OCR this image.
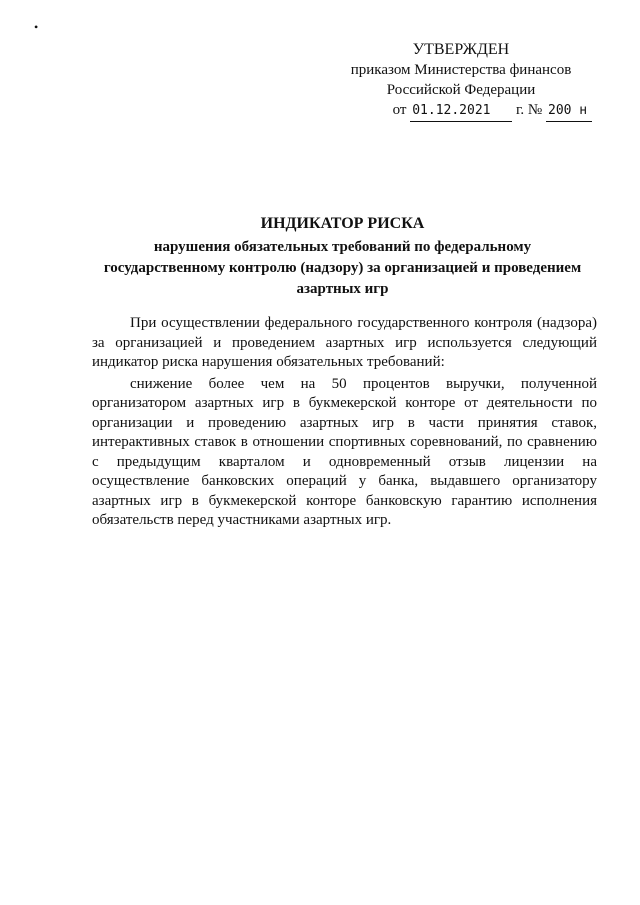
•
УТВЕРЖДЕН
приказом Министерства финансов
Российской Федерации
от 01.12.2021 г. № 200 н
ИНДИКАТОР РИСКА
нарушения обязательных требований по федеральному
государственному контролю (надзору) за организацией и проведением
азартных игр

При осуществлении федерального государственного контроля (надзора) за организацией и проведением азартных игр используется следующий индикатор риска нарушения обязательных требований:

снижение более чем на 50 процентов выручки, полученной организатором азартных игр в букмекерской конторе от деятельности по организации и проведению азартных игр в части принятия ставок, интерактивных ставок в отношении спортивных соревнований, по сравнению с предыдущим кварталом и одновременный отзыв лицензии на осуществление банковских операций у банка, выдавшего организатору азартных игр в букмекерской конторе банковскую гарантию исполнения обязательств перед участниками азартных игр.
